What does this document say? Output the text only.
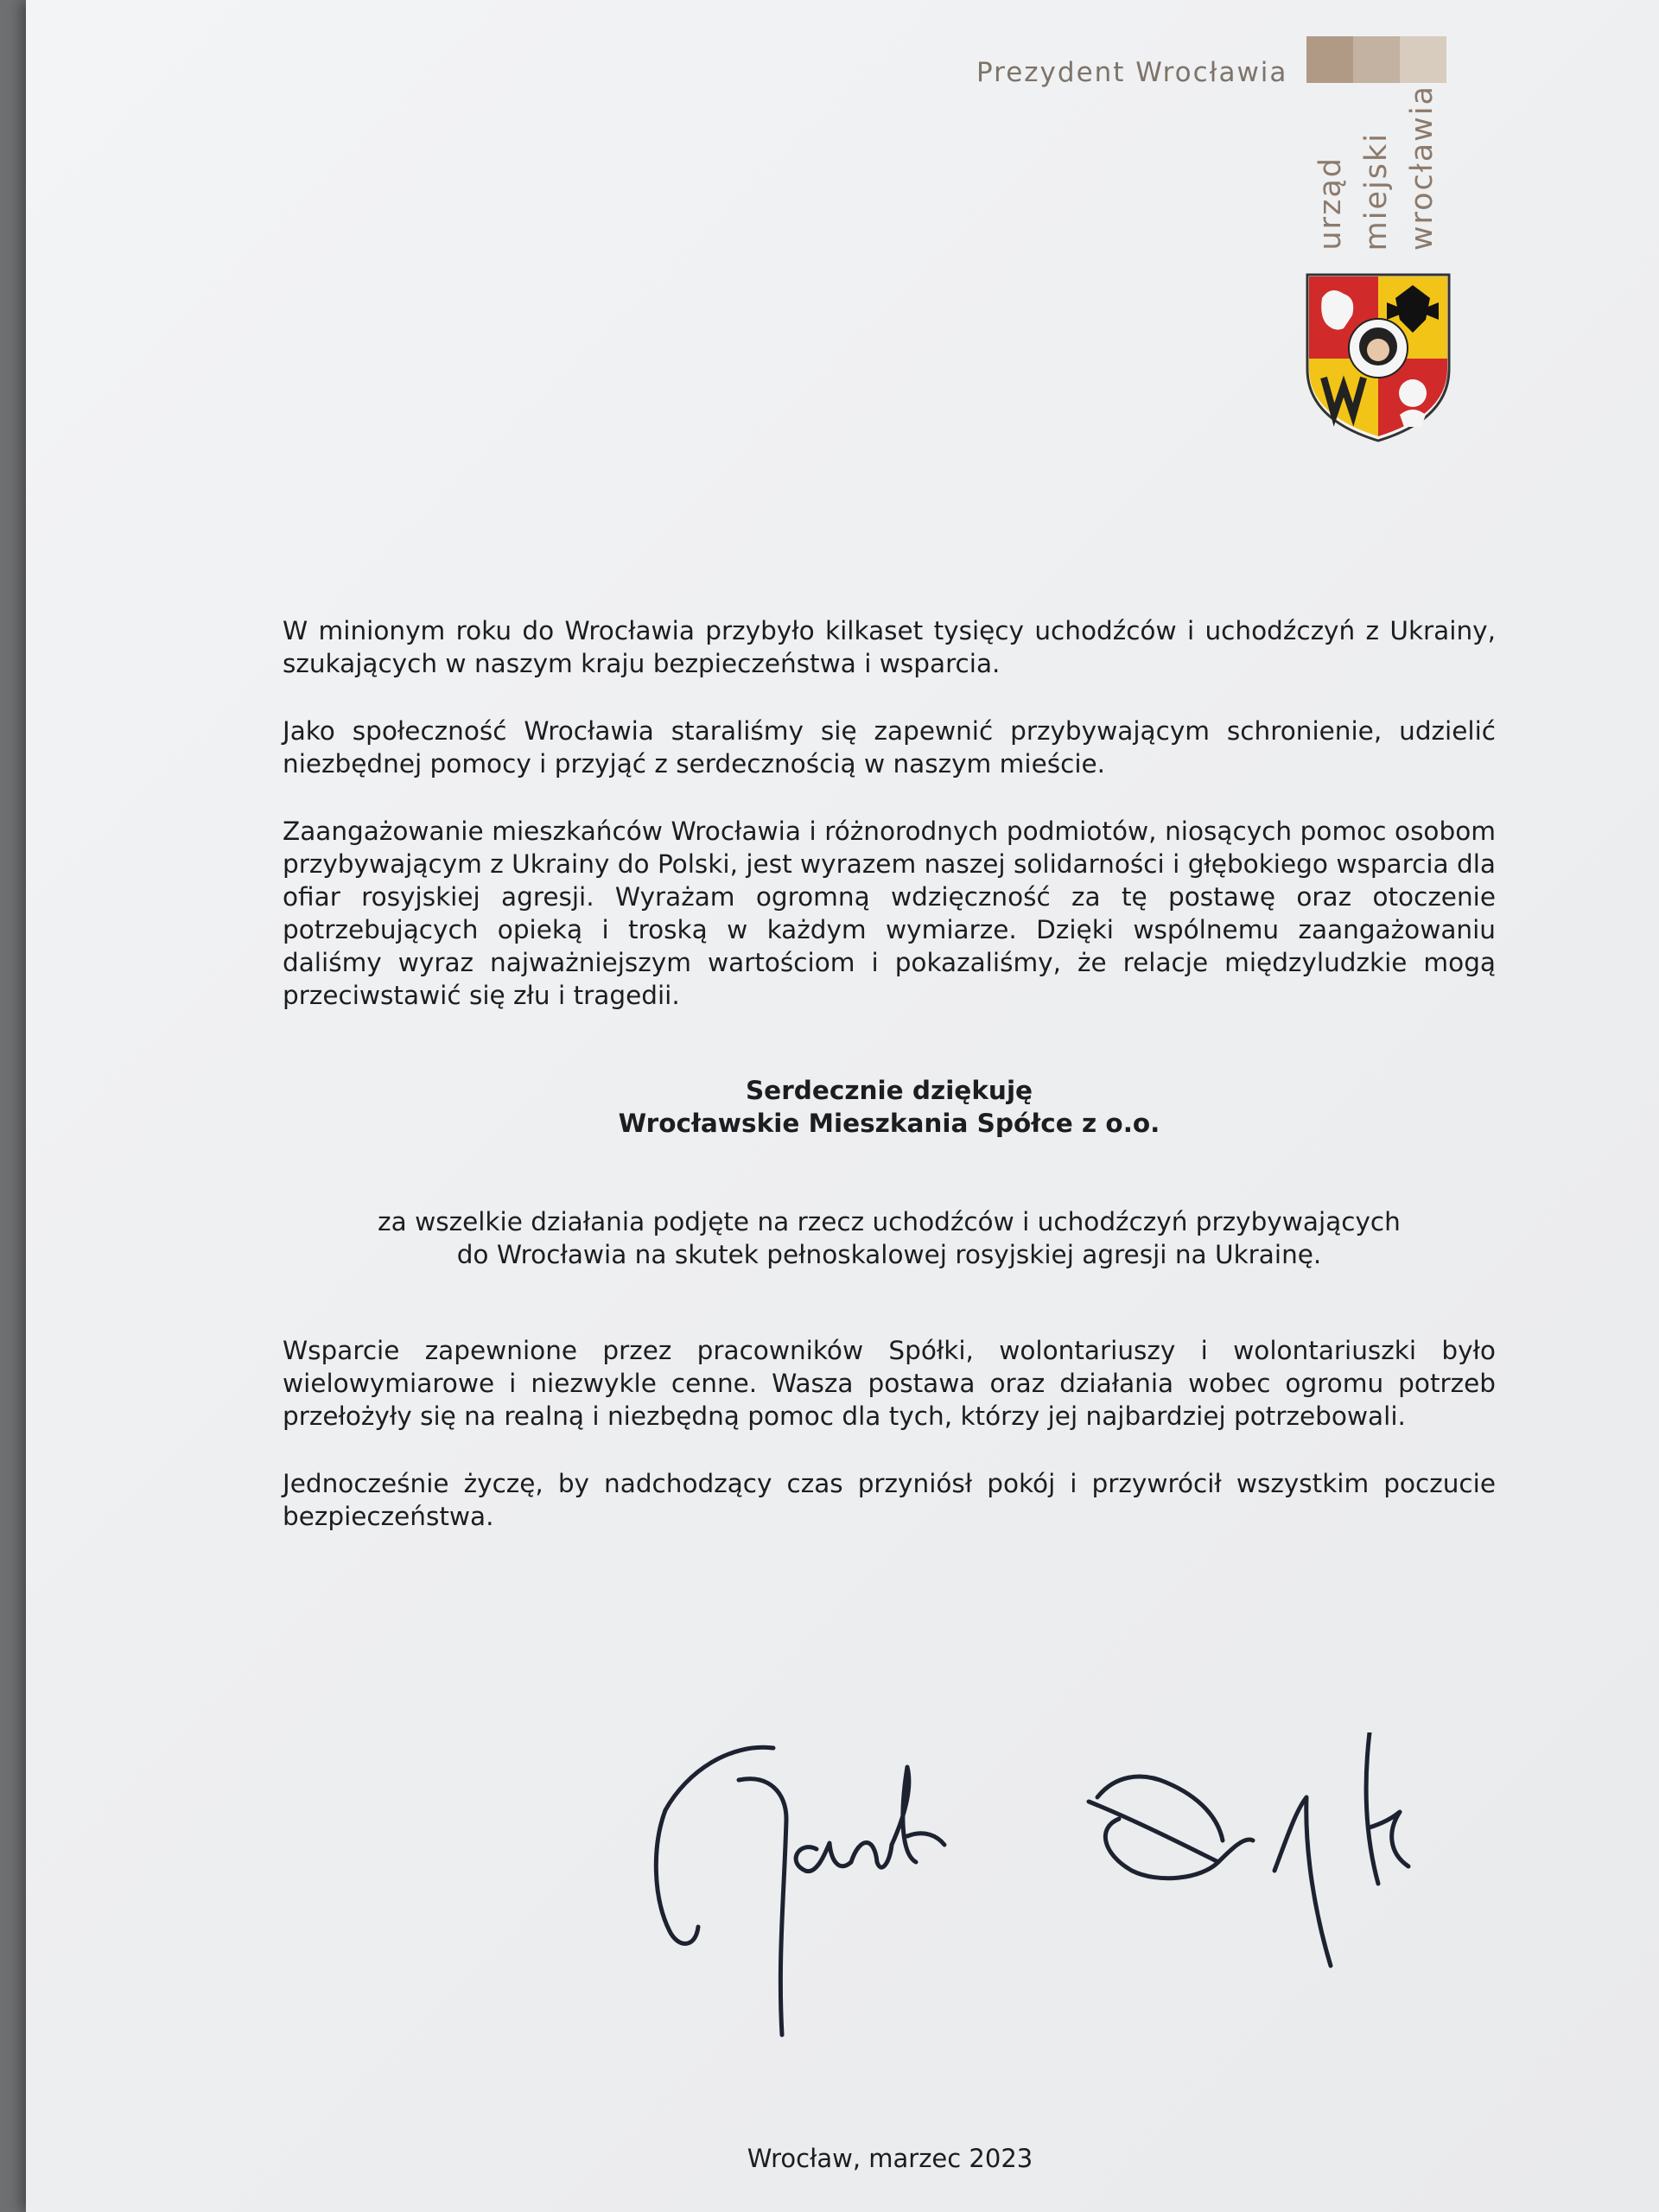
Prezydent Wrocławia
urząd miejski wrocławia
W minionym roku do Wrocławia przybyło kilkaset tysięcy uchodźców i uchodźczyń z Ukrainy, szukających w naszym kraju bezpieczeństwa i wsparcia.
Jako społeczność Wrocławia staraliśmy się zapewnić przybywającym schronienie, udzielić niezbędnej pomocy i przyjąć z serdecznością w naszym mieście.
Zaangażowanie mieszkańców Wrocławia i różnorodnych podmiotów, niosących pomoc osobom przybywającym z Ukrainy do Polski, jest wyrazem naszej solidarności i głębokiego wsparcia dla ofiar rosyjskiej agresji. Wyrażam ogromną wdzięczność za tę postawę oraz otoczenie potrzebujących opieką i troską w każdym wymiarze. Dzięki wspólnemu zaangażowaniu daliśmy wyraz najważniejszym wartościom i pokazaliśmy, że relacje międzyludzkie mogą przeciwstawić się złu i tragedii.
Serdecznie dziękuję
Wrocławskie Mieszkania Spółce z o.o.
za wszelkie działania podjęte na rzecz uchodźców i uchodźczyń przybywających
do Wrocławia na skutek pełnoskalowej rosyjskiej agresji na Ukrainę.
Wsparcie zapewnione przez pracowników Spółki, wolontariuszy i wolontariuszki było wielowymiarowe i niezwykle cenne. Wasza postawa oraz działania wobec ogromu potrzeb przełożyły się na realną i niezbędną pomoc dla tych, którzy jej najbardziej potrzebowali.
Jednocześnie życzę, by nadchodzący czas przyniósł pokój i przywrócił wszystkim poczucie bezpieczeństwa.
Wrocław, marzec 2023
